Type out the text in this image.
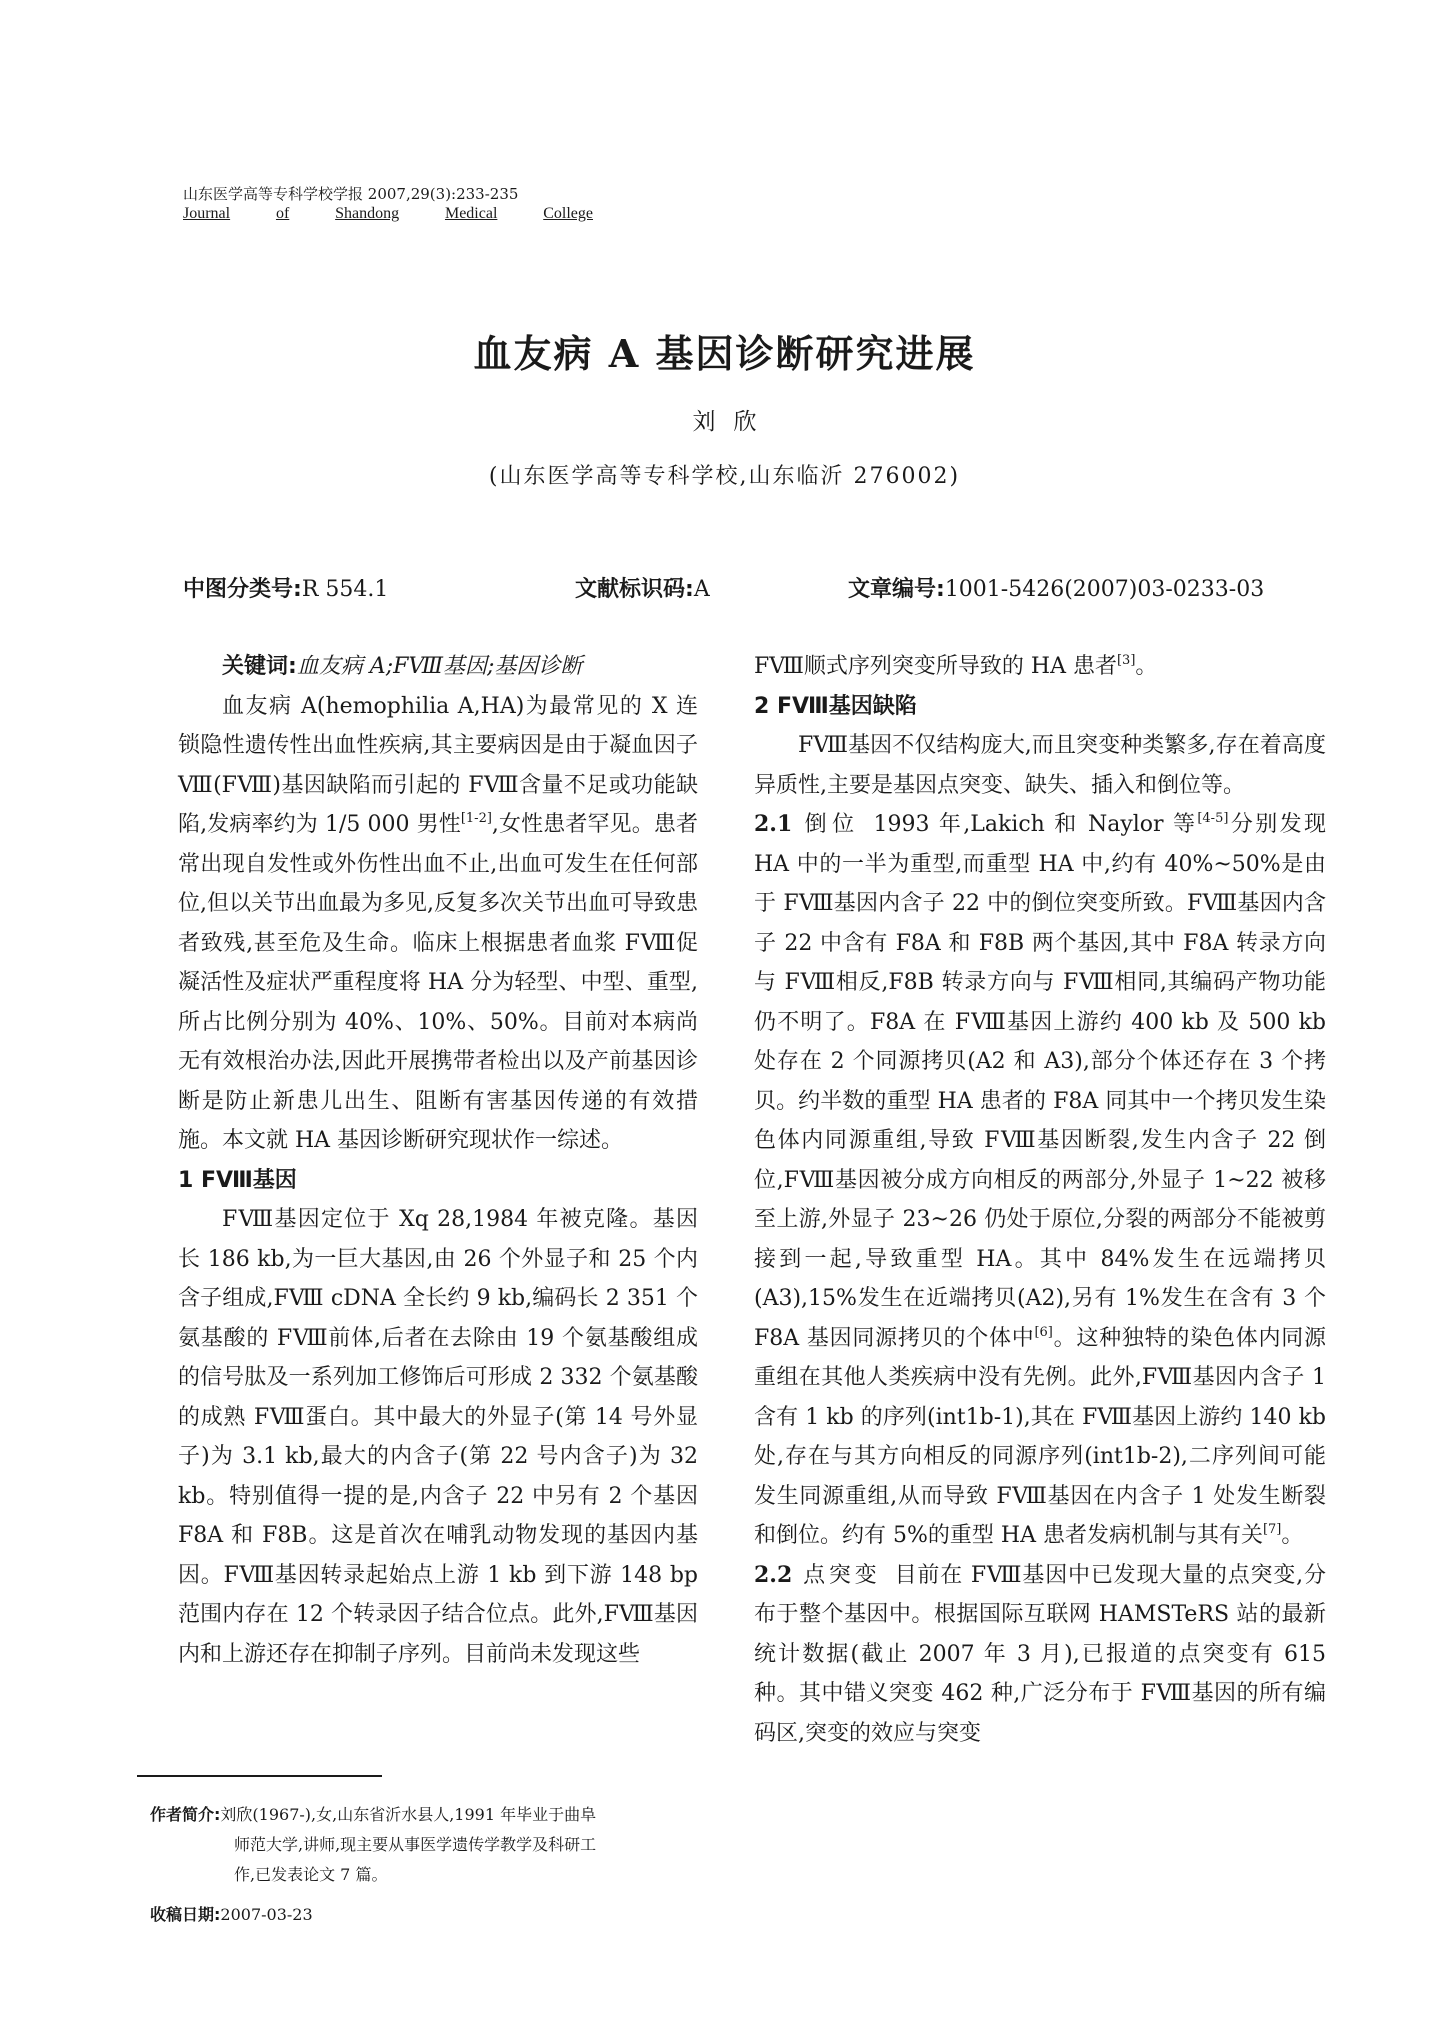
山东医学高等专科学校学报 2007,29(3):233-235
Journal	of	Shandong	Medical	College
血友病 A 基因诊断研究进展
刘欣
(山东医学高等专科学校,山东临沂 276002)
中图分类号:R 554.1	文献标识码:A	文章编号:1001-5426(2007)03-0233-03

关键词:血友病 A;FⅧ基因;基因诊断

血友病 A(hemophilia A,HA)为最常见的 X 连锁隐性遗传性出血性疾病,其主要病因是由于凝血因子Ⅷ(FⅧ)基因缺陷而引起的 FⅧ含量不足或功能缺陷,发病率约为 1/5 000 男性[1-2],女性患者罕见。患者常出现自发性或外伤性出血不止,出血可发生在任何部位,但以关节出血最为多见,反复多次关节出血可导致患者致残,甚至危及生命。临床上根据患者血浆 FⅧ促凝活性及症状严重程度将 HA 分为轻型、中型、重型,所占比例分别为 40%、10%、50%。目前对本病尚无有效根治办法,因此开展携带者检出以及产前基因诊断是防止新患儿出生、阻断有害基因传递的有效措施。本文就 HA 基因诊断研究现状作一综述。

1 FⅧ基因

FⅧ基因定位于 Xq 28,1984 年被克隆。基因长 186 kb,为一巨大基因,由 26 个外显子和 25 个内含子组成,FⅧ cDNA 全长约 9 kb,编码长 2 351 个氨基酸的 FⅧ前体,后者在去除由 19 个氨基酸组成的信号肽及一系列加工修饰后可形成 2 332 个氨基酸的成熟 FⅧ蛋白。其中最大的外显子(第 14 号外显子)为 3.1 kb,最大的内含子(第 22 号内含子)为 32 kb。特别值得一提的是,内含子 22 中另有 2 个基因 F8A 和 F8B。这是首次在哺乳动物发现的基因内基因。FⅧ基因转录起始点上游 1 kb 到下游 148 bp 范围内存在 12 个转录因子结合位点。此外,FⅧ基因内和上游还存在抑制子序列。目前尚未发现这些

FⅧ顺式序列突变所导致的 HA 患者[3]。

2 FⅧ基因缺陷

FⅧ基因不仅结构庞大,而且突变种类繁多,存在着高度异质性,主要是基因点突变、缺失、插入和倒位等。

2.1 倒位 1993 年,Lakich 和 Naylor 等[4-5]分别发现 HA 中的一半为重型,而重型 HA 中,约有 40%~50%是由于 FⅧ基因内含子 22 中的倒位突变所致。FⅧ基因内含子 22 中含有 F8A 和 F8B 两个基因,其中 F8A 转录方向与 FⅧ相反,F8B 转录方向与 FⅧ相同,其编码产物功能仍不明了。F8A 在 FⅧ基因上游约 400 kb 及 500 kb 处存在 2 个同源拷贝(A2 和 A3),部分个体还存在 3 个拷贝。约半数的重型 HA 患者的 F8A 同其中一个拷贝发生染色体内同源重组,导致 FⅧ基因断裂,发生内含子 22 倒位,FⅧ基因被分成方向相反的两部分,外显子 1~22 被移至上游,外显子 23~26 仍处于原位,分裂的两部分不能被剪接到一起,导致重型 HA。其中 84%发生在远端拷贝(A3),15%发生在近端拷贝(A2),另有 1%发生在含有 3 个 F8A 基因同源拷贝的个体中[6]。这种独特的染色体内同源重组在其他人类疾病中没有先例。此外,FⅧ基因内含子 1 含有 1 kb 的序列(int1b-1),其在 FⅧ基因上游约 140 kb 处,存在与其方向相反的同源序列(int1b-2),二序列间可能发生同源重组,从而导致 FⅧ基因在内含子 1 处发生断裂和倒位。约有 5%的重型 HA 患者发病机制与其有关[7]。

2.2 点突变 目前在 FⅧ基因中已发现大量的点突变,分布于整个基因中。根据国际互联网 HAMSTeRS 站的最新统计数据(截止 2007 年 3 月),已报道的点突变有 615 种。其中错义突变 462 种,广泛分布于 FⅧ基因的所有编码区,突变的效应与突变

作者简介:刘欣(1967-),女,山东省沂水县人,1991 年毕业于曲阜
师范大学,讲师,现主要从事医学遗传学教学及科研工
作,已发表论文 7 篇。
收稿日期:2007-03-23
